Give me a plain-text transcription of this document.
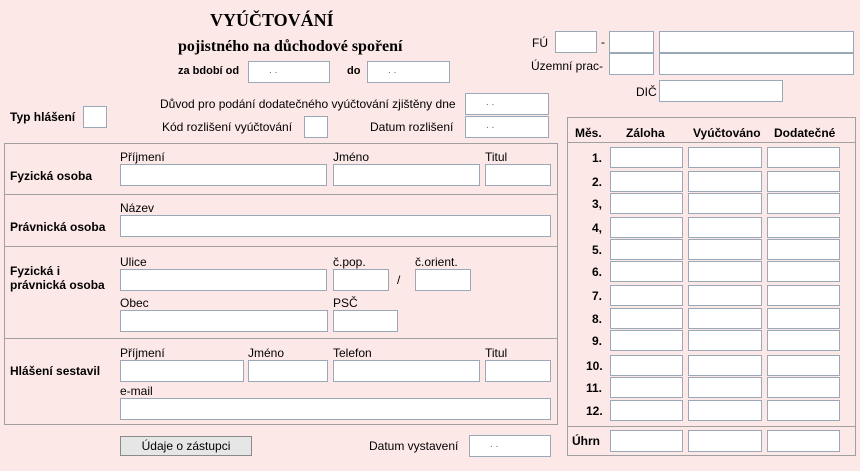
VYÚČTOVÁNÍ
pojistného na důchodové spoření
za bdobí od	. .	do	. .
FÚ	-
Územní prac-
DIČ
Typ hlášení
Důvod pro podání dodatečného vyúčtování zjištěny dne	. .
Kód rozlišení vyúčtování	Datum rozlišení	. .
Fyzická osoba
Příjmení	Jméno	Titul
Právnická osoba
Název
Fyzická i
právnická osoba
Ulice	č.pop.
/
č.orient.
Obec	PSČ
Hlášení sestavil
Příjmení	Jméno	Telefon	Titul
e-mail
Údaje o zástupci	Datum vystavení	. .
Měs. Záloha Vyúčtováno Dodatečné
1.
2.
3,
4,
5.
6.
7.
8.
9.
10.
11.
12.
Úhrn
